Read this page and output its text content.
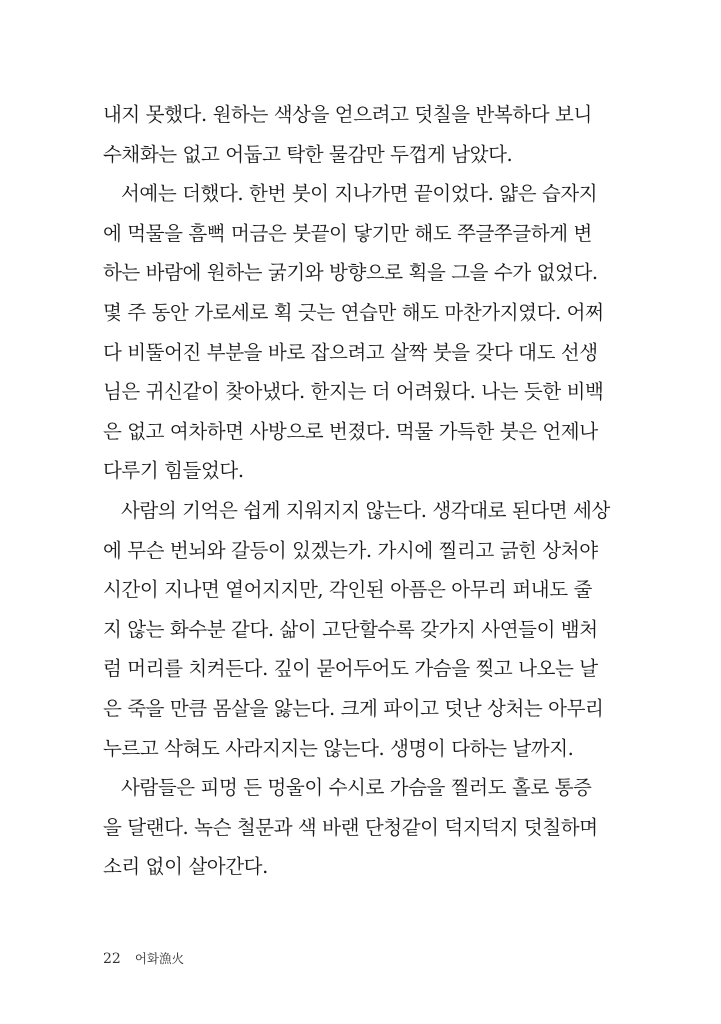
내지 못했다. 원하는 색상을 얻으려고 덧칠을 반복하다 보니
수채화는 없고 어둡고 탁한 물감만 두껍게 남았다.
서예는 더했다. 한번 붓이 지나가면 끝이었다. 얇은 습자지
에 먹물을 흠뻑 머금은 붓끝이 닿기만 해도 쭈글쭈글하게 변
하는 바람에 원하는 굵기와 방향으로 획을 그을 수가 없었다.
몇 주 동안 가로세로 획 긋는 연습만 해도 마찬가지였다. 어쩌
다 비뚤어진 부분을 바로 잡으려고 살짝 붓을 갖다 대도 선생
님은 귀신같이 찾아냈다. 한지는 더 어려웠다. 나는 듯한 비백
은 없고 여차하면 사방으로 번졌다. 먹물 가득한 붓은 언제나
다루기 힘들었다.
사람의 기억은 쉽게 지워지지 않는다. 생각대로 된다면 세상
에 무슨 번뇌와 갈등이 있겠는가. 가시에 찔리고 긁힌 상처야
시간이 지나면 옅어지지만, 각인된 아픔은 아무리 퍼내도 줄
지 않는 화수분 같다. 삶이 고단할수록 갖가지 사연들이 뱀처
럼 머리를 치켜든다. 깊이 묻어두어도 가슴을 찢고 나오는 날
은 죽을 만큼 몸살을 앓는다. 크게 파이고 덧난 상처는 아무리
누르고 삭혀도 사라지지는 않는다. 생명이 다하는 날까지.
사람들은 피멍 든 멍울이 수시로 가슴을 찔러도 홀로 통증
을 달랜다. 녹슨 철문과 색 바랜 단청같이 덕지덕지 덧칠하며
소리 없이 살아간다.
22 어화漁火
